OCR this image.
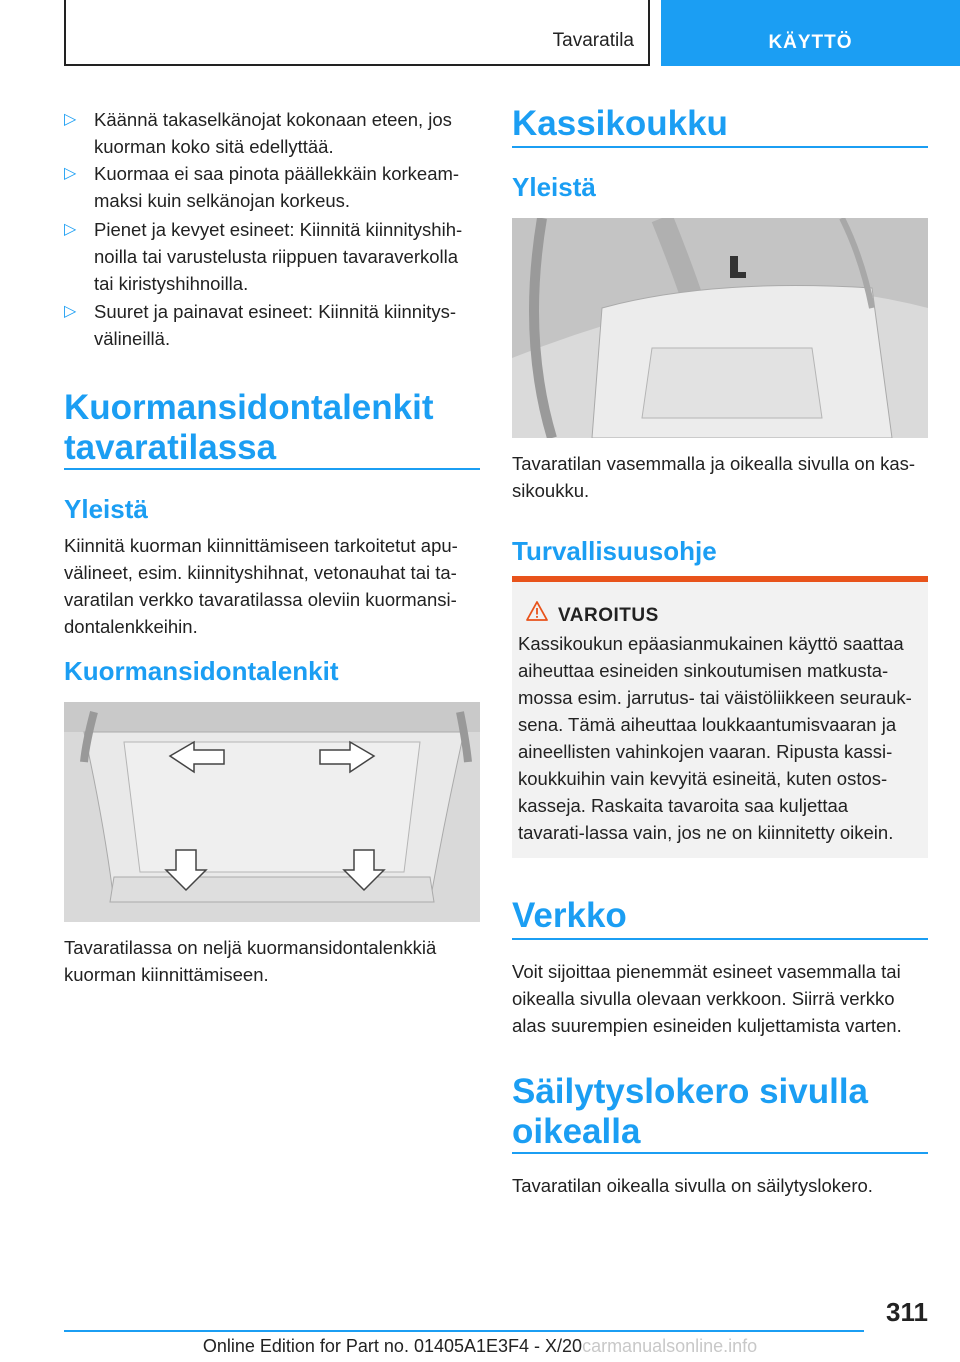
Tavaratila	KÄYTTÖ
▷ Käännä takaselkänojat kokonaan eteen, jos kuorman koko sitä edellyttää.
▷ Kuormaa ei saa pinota päällekkäin korkeam-maksi kuin selkänojan korkeus.
▷ Pienet ja kevyet esineet: Kiinnitä kiinnityshih-noilla tai varustelusta riippuen tavaraverkolla tai kiristyshihnoilla.
▷ Suuret ja painavat esineet: Kiinnitä kiinnitys-välineillä.
Kuormansidontalenkit tavaratilassa
Yleistä
Kiinnitä kuorman kiinnittämiseen tarkoitetut apu-välineet, esim. kiinnityshihnat, vetonauhat tai ta-varatilan verkko tavaratilassa oleviin kuormansi-dontalenkkeihin.
Kuormansidontalenkit
Tavaratilassa on neljä kuormansidontalenkkiä kuorman kiinnittämiseen.
Kassikoukku
Yleistä
Tavaratilan vasemmalla ja oikealla sivulla on kas-sikoukku.
Turvallisuusohje
VAROITUS
Kassikoukun epäasianmukainen käyttö saattaa aiheuttaa esineiden sinkoutumisen matkusta-mossa esim. jarrutus- tai väistöliikkeen seurauk-sena. Tämä aiheuttaa loukkaantumisvaaran ja aineellisten vahinkojen vaaran. Ripusta kassi-koukkuihin vain kevyitä esineitä, kuten ostos-kasseja. Raskaita tavaroita saa kuljettaa tavarati-lassa vain, jos ne on kiinnitetty oikein.
Verkko
Voit sijoittaa pienemmät esineet vasemmalla tai oikealla sivulla olevaan verkkoon. Siirrä verkko alas suurempien esineiden kuljettamista varten.
Säilytyslokero sivulla oikealla
Tavaratilan oikealla sivulla on säilytyslokero.
311
Online Edition for Part no. 01405A1E3F4 - X/20carmanualsonline.info
